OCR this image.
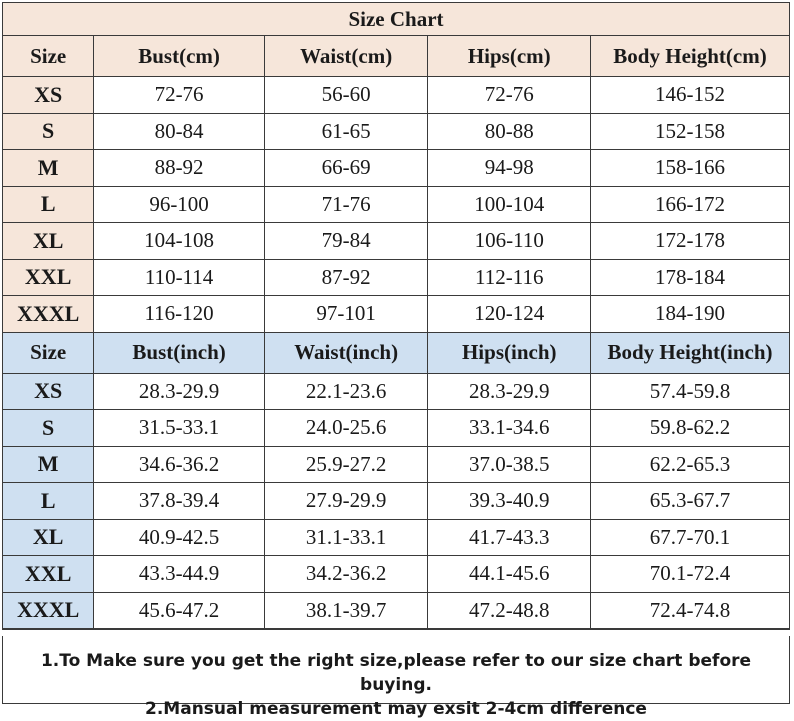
Size Chart				
Size	Bust(cm)	Waist(cm)	Hips(cm)	Body Height(cm)
XS	72-76	56-60	72-76	146-152
S	80-84	61-65	80-88	152-158
M	88-92	66-69	94-98	158-166
L	96-100	71-76	100-104	166-172
XL	104-108	79-84	106-110	172-178
XXL	110-114	87-92	112-116	178-184
XXXL	116-120	97-101	120-124	184-190
Size	Bust(inch)	Waist(inch)	Hips(inch)	Body Height(inch)
XS	28.3-29.9	22.1-23.6	28.3-29.9	57.4-59.8
S	31.5-33.1	24.0-25.6	33.1-34.6	59.8-62.2
M	34.6-36.2	25.9-27.2	37.0-38.5	62.2-65.3
L	37.8-39.4	27.9-29.9	39.3-40.9	65.3-67.7
XL	40.9-42.5	31.1-33.1	41.7-43.3	67.7-70.1
XXL	43.3-44.9	34.2-36.2	44.1-45.6	70.1-72.4
XXXL	45.6-47.2	38.1-39.7	47.2-48.8	72.4-74.8
1.To Make sure you get the right size,please refer to our size chart before buying.
2.Mansual measurement may exsit 2-4cm difference
